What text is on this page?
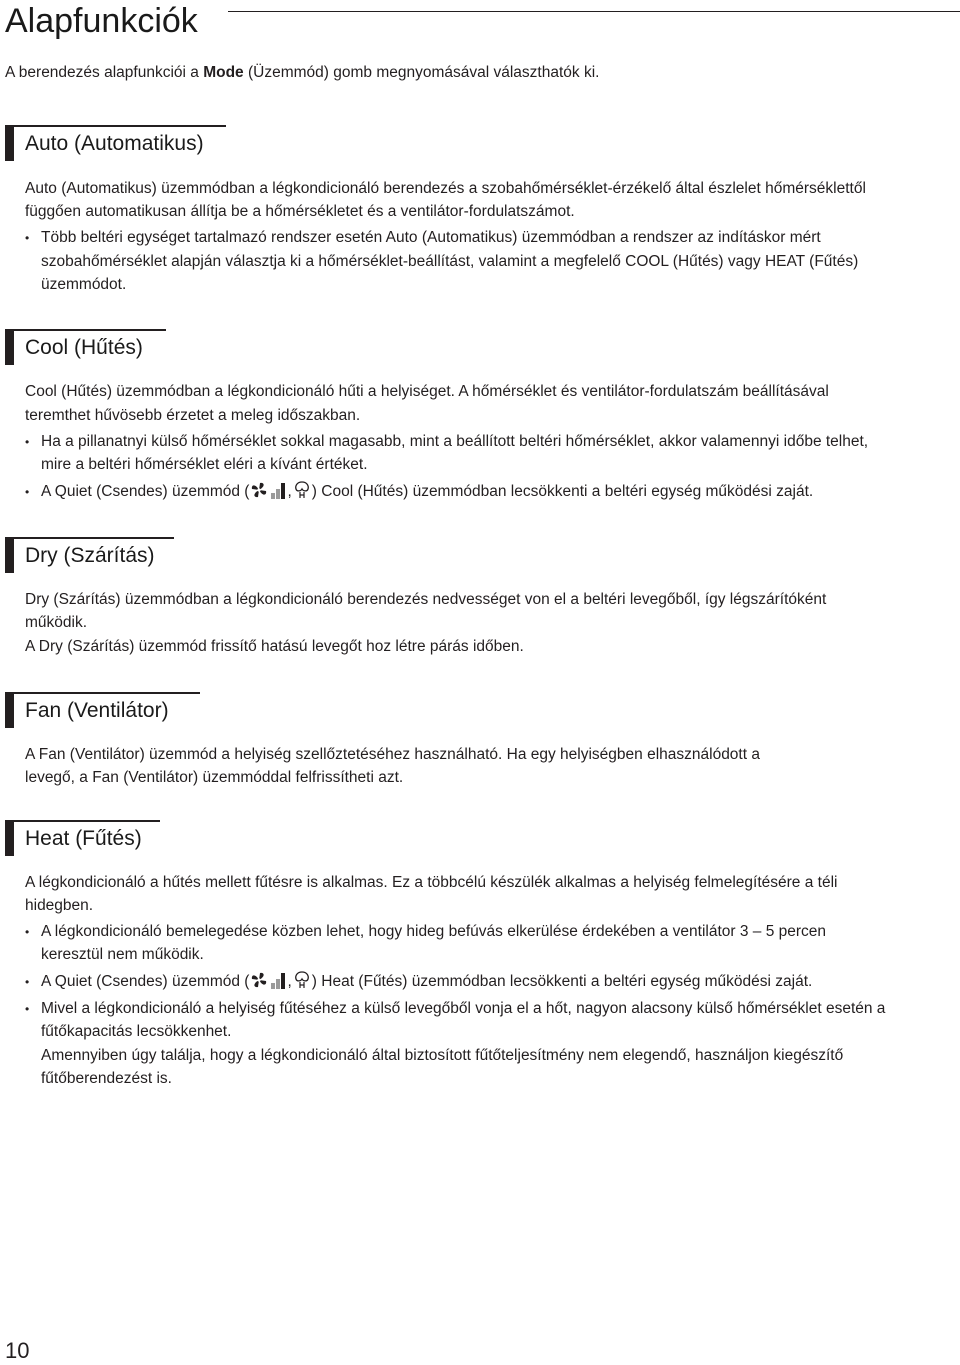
Alapfunkciók

A berendezés alapfunkciói a Mode (Üzemmód) gomb megnyomásával választhatók ki.

Auto (Automatikus)

Auto (Automatikus) üzemmódban a légkondicionáló berendezés a szobahőmérséklet-érzékelő által észlelet hőmérséklettől

függően automatikusan állítja be a hőmérsékletet és a ventilátor-fordulatszámot.

• Több beltéri egységet tartalmazó rendszer esetén Auto (Automatikus) üzemmódban a rendszer az indításkor mért

szobahőmérséklet alapján választja ki a hőmérséklet-beállítást, valamint a megfelelő COOL (Hűtés) vagy HEAT (Fűtés)

üzemmódot.

Cool (Hűtés)

Cool (Hűtés) üzemmódban a légkondicionáló hűti a helyiséget. A hőmérséklet és ventilátor-fordulatszám beállításával

teremthet hűvösebb érzetet a meleg időszakban.

• Ha a pillanatnyi külső hőmérséklet sokkal magasabb, mint a beállított beltéri hőmérséklet, akkor valamennyi időbe telhet,

mire a beltéri hőmérséklet eléri a kívánt értéket.

• A Quiet (Csendes) üzemmód ( , ) Cool (Hűtés) üzemmódban lecsökkenti a beltéri egység működési zaját.

Dry (Szárítás)

Dry (Szárítás) üzemmódban a légkondicionáló berendezés nedvességet von el a beltéri levegőből, így légszárítóként

működik.

A Dry (Szárítás) üzemmód frissítő hatású levegőt hoz létre párás időben.

Fan (Ventilátor)

A Fan (Ventilátor) üzemmód a helyiség szellőztetéséhez használható. Ha egy helyiségben elhasználódott a

levegő, a Fan (Ventilátor) üzemmóddal felfrissítheti azt.

Heat (Fűtés)

A légkondicionáló a hűtés mellett fűtésre is alkalmas. Ez a többcélú készülék alkalmas a helyiség felmelegítésére a téli

hidegben.

• A légkondicionáló bemelegedése közben lehet, hogy hideg befúvás elkerülése érdekében a ventilátor 3 – 5 percen

keresztül nem működik.

• A Quiet (Csendes) üzemmód ( , ) Heat (Fűtés) üzemmódban lecsökkenti a beltéri egység működési zaját.

• Mivel a légkondicionáló a helyiség fűtéséhez a külső levegőből vonja el a hőt, nagyon alacsony külső hőmérséklet esetén a

fűtőkapacitás lecsökkenhet.

Amennyiben úgy találja, hogy a légkondicionáló által biztosított fűtőteljesítmény nem elegendő, használjon kiegészítő

fűtőberendezést is.

10
